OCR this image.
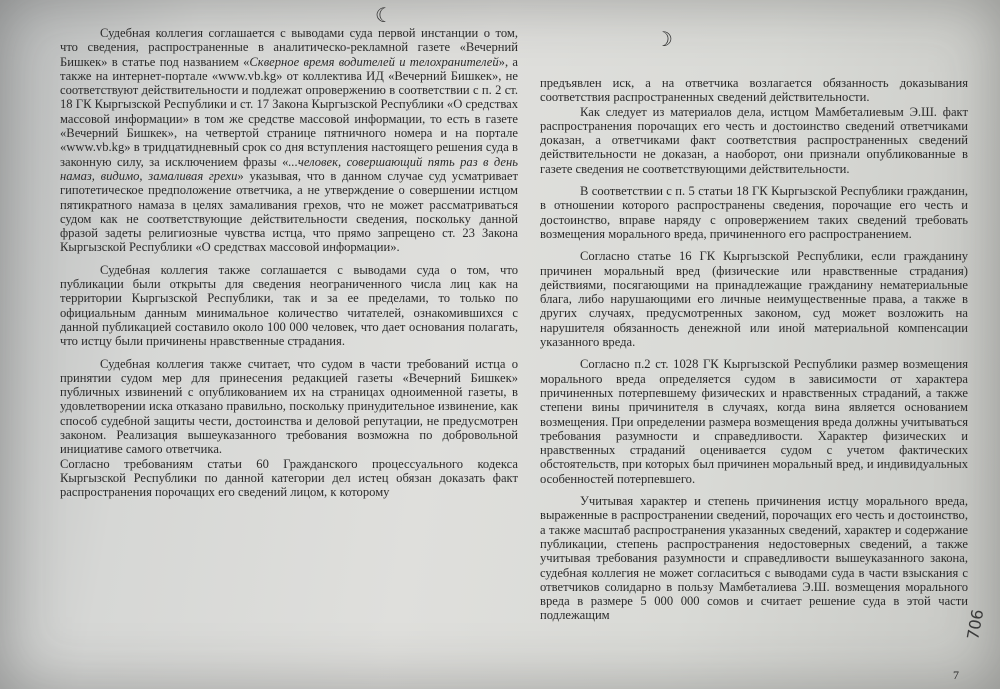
☾
☽

Судебная коллегия соглашается с выводами суда первой инстанции о том, что сведения, распространенные в аналитическо-рекламной газете «Вечерний Бишкек» в статье под названием «Скверное время водителей и телохранителей», а также на интернет-портале «www.vb.kg» от коллектива ИД «Вечерний Бишкек», не соответствуют действительности и подлежат опровержению в соответствии с п. 2 ст. 18 ГК Кыргызской Республики и ст. 17 Закона Кыргызской Республики «О средствах массовой информации» в том же средстве массовой информации, то есть в газете «Вечерний Бишкек», на четвертой странице пятничного номера и на портале «www.vb.kg» в тридцатидневный срок со дня вступления настоящего решения суда в законную силу, за исключением фразы «...человек, совершающий пять раз в день намаз, видимо, замаливая грехи» указывая, что в данном случае суд усматривает гипотетическое предположение ответчика, а не утверждение о совершении истцом пятикратного намаза в целях замаливания грехов, что не может рассматриваться судом как не соответствующие действительности сведения, поскольку данной фразой задеты религиозные чувства истца, что прямо запрещено ст. 23 Закона Кыргызской Республики «О средствах массовой информации».

Судебная коллегия также соглашается с выводами суда о том, что публикации были открыты для сведения неограниченного числа лиц как на территории Кыргызской Республики, так и за ее пределами, то только по официальным данным минимальное количество читателей, ознакомившихся с данной публикацией составило около 100 000 человек, что дает основания полагать, что истцу были причинены нравственные страдания.

Судебная коллегия также считает, что судом в части требований истца о принятии судом мер для принесения редакцией газеты «Вечерний Бишкек» публичных извинений с опубликованием их на страницах одноименной газеты, в удовлетворении иска отказано правильно, поскольку принудительное извинение, как способ судебной защиты чести, достоинства и деловой репутации, не предусмотрен законом. Реализация вышеуказанного требования возможна по добровольной инициативе самого ответчика.

Согласно требованиям статьи 60 Гражданского процессуального кодекса Кыргызской Республики по данной категории дел истец обязан доказать факт распространения порочащих его сведений лицом, к которому

предъявлен иск, а на ответчика возлагается обязанность доказывания соответствия распространенных сведений действительности.

Как следует из материалов дела, истцом Мамбеталиевым Э.Ш. факт распространения порочащих его честь и достоинство сведений ответчиками доказан, а ответчиками факт соответствия распространенных сведений действительности не доказан, а наоборот, они признали опубликованные в газете сведения не соответствующими действительности.

В соответствии с п. 5 статьи 18 ГК Кыргызской Республики гражданин, в отношении которого распространены сведения, порочащие его честь и достоинство, вправе наряду с опровержением таких сведений требовать возмещения морального вреда, причиненного его распространением.

Согласно статье 16 ГК Кыргызской Республики, если гражданину причинен моральный вред (физические или нравственные страдания) действиями, посягающими на принадлежащие гражданину нематериальные блага, либо нарушающими его личные неимущественные права, а также в других случаях, предусмотренных законом, суд может возложить на нарушителя обязанность денежной или иной материальной компенсации указанного вреда.

Согласно п.2 ст. 1028 ГК Кыргызской Республики размер возмещения морального вреда определяется судом в зависимости от характера причиненных потерпевшему физических и нравственных страданий, а также степени вины причинителя в случаях, когда вина является основанием возмещения. При определении размера возмещения вреда должны учитываться требования разумности и справедливости. Характер физических и нравственных страданий оценивается судом с учетом фактических обстоятельств, при которых был причинен моральный вред, и индивидуальных особенностей потерпевшего.

Учитывая характер и степень причинения истцу морального вреда, выраженные в распространении сведений, порочащих его честь и достоинство, а также масштаб распространения указанных сведений, характер и содержание публикации, степень распространения недостоверных сведений, а также учитывая требования разумности и справедливости вышеуказанного закона, судебная коллегия не может согласиться с выводами суда в части взыскания с ответчиков солидарно в пользу Мамбеталиева Э.Ш. возмещения морального вреда в размере 5 000 000 сомов и считает решение суда в этой части подлежащим	706
7
